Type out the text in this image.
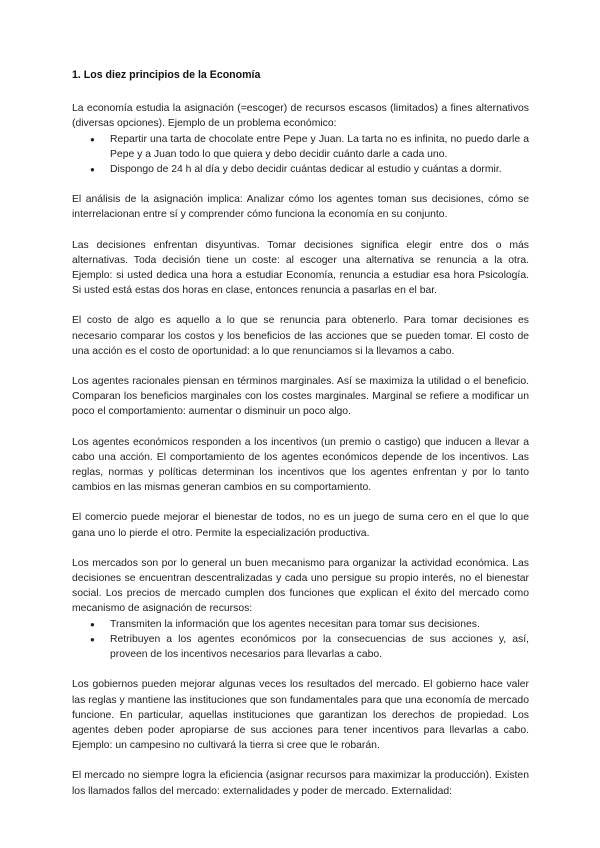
1. Los diez principios de la Economía

La economía estudia la asignación (=escoger) de recursos escasos (limitados) a fines alternativos (diversas opciones). Ejemplo de un problema económico:

● Repartir una tarta de chocolate entre Pepe y Juan. La tarta no es infinita, no puedo darle a Pepe y a Juan todo lo que quiera y debo decidir cuánto darle a cada uno.
● Dispongo de 24 h al día y debo decidir cuántas dedicar al estudio y cuántas a dormir.

El análisis de la asignación implica: Analizar cómo los agentes toman sus decisiones, cómo se interrelacionan entre sí y comprender cómo funciona la economía en su conjunto.

Las decisiones enfrentan disyuntivas. Tomar decisiones significa elegir entre dos o más alternativas. Toda decisión tiene un coste: al escoger una alternativa se renuncia a la otra. Ejemplo: si usted dedica una hora a estudiar Economía, renuncia a estudiar esa hora Psicología. Si usted está estas dos horas en clase, entonces renuncia a pasarlas en el bar.

El costo de algo es aquello a lo que se renuncia para obtenerlo. Para tomar decisiones es necesario comparar los costos y los beneficios de las acciones que se pueden tomar. El costo de una acción es el costo de oportunidad: a lo que renunciamos si la llevamos a cabo.

Los agentes racionales piensan en términos marginales. Así se maximiza la utilidad o el beneficio. Comparan los beneficios marginales con los costes marginales. Marginal se refiere a modificar un poco el comportamiento: aumentar o disminuir un poco algo.

Los agentes económicos responden a los incentivos (un premio o castigo) que inducen a llevar a cabo una acción. El comportamiento de los agentes económicos depende de los incentivos. Las reglas, normas y políticas determinan los incentivos que los agentes enfrentan y por lo tanto cambios en las mismas generan cambios en su comportamiento.

El comercio puede mejorar el bienestar de todos, no es un juego de suma cero en el que lo que gana uno lo pierde el otro. Permite la especialización productiva.

Los mercados son por lo general un buen mecanismo para organizar la actividad económica. Las decisiones se encuentran descentralizadas y cada uno persigue su propio interés, no el bienestar social. Los precios de mercado cumplen dos funciones que explican el éxito del mercado como mecanismo de asignación de recursos:

● Transmiten la información que los agentes necesitan para tomar sus decisiones.
● Retribuyen a los agentes económicos por la consecuencias de sus acciones y, así, proveen de los incentivos necesarios para llevarlas a cabo.

Los gobiernos pueden mejorar algunas veces los resultados del mercado. El gobierno hace valer las reglas y mantiene las instituciones que son fundamentales para que una economía de mercado funcione. En particular, aquellas instituciones que garantizan los derechos de propiedad. Los agentes deben poder apropiarse de sus acciones para tener incentivos para llevarlas a cabo. Ejemplo: un campesino no cultivará la tierra si cree que le robarán.

El mercado no siempre logra la eficiencia (asignar recursos para maximizar la producción). Existen los llamados fallos del mercado: externalidades y poder de mercado. Externalidad:
